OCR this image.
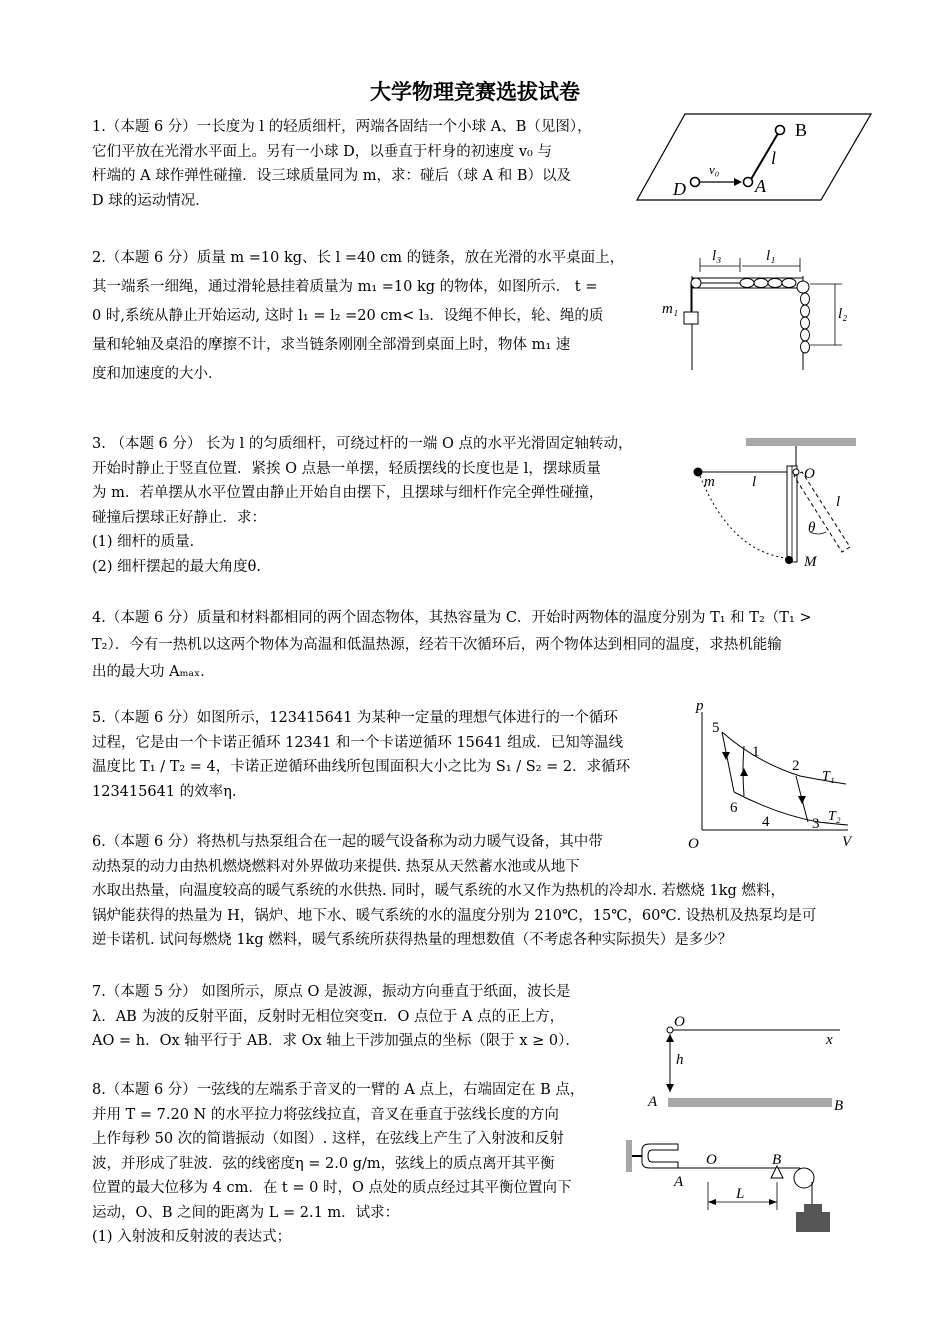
大学物理竞赛选拔试卷
1.（本题 6 分）一长度为 l 的轻质细杆，两端各固结一个小球 A、B（见图），
它们平放在光滑水平面上。另有一小球 D，以垂直于杆身的初速度 v₀ 与
杆端的 A 球作弹性碰撞．设三球质量同为 m，求：碰后（球 A 和 B）以及
D 球的运动情况．
B
l
v₀
D	A
2.（本题 6 分）质量 m =10 kg、长 l =40 cm 的链条，放在光滑的水平桌面上，
其一端系一细绳，通过滑轮悬挂着质量为 m₁ =10 kg 的物体，如图所示． t =
0 时,系统从静止开始运动, 这时 l₁ = l₂ =20 cm< l₃．设绳不伸长，轮、绳的质
量和轮轴及桌沿的摩擦不计，求当链条刚刚全部滑到桌面上时，物体 m₁ 速
度和加速度的大小．
l₃	l₁
m₁	l₂
3. （本题 6 分） 长为 l 的匀质细杆，可绕过杆的一端 O 点的水平光滑固定轴转动，
开始时静止于竖直位置．紧挨 O 点悬一单摆，轻质摆线的长度也是 l，摆球质量
为 m．若单摆从水平位置由静止开始自由摆下，且摆球与细杆作完全弹性碰撞，
碰撞后摆球正好静止．求：
(1) 细杆的质量．
(2) 细杆摆起的最大角度θ.
O
m l
l
θ
M
4.（本题 6 分）质量和材料都相同的两个固态物体，其热容量为 C．开始时两物体的温度分别为 T₁ 和 T₂（T₁ >
T₂）．今有一热机以这两个物体为高温和低温热源，经若干次循环后，两个物体达到相同的温度，求热机能输
出的最大功 Aₘₐₓ．
5.（本题 6 分）如图所示，123415641 为某种一定量的理想气体进行的一个循环
过程，它是由一个卡诺正循环 12341 和一个卡诺逆循环 15641 组成．已知等温线
温度比 T₁ / T₂ = 4，卡诺正逆循环曲线所包围面积大小之比为 S₁ / S₂ = 2．求循环
123415641 的效率η.
p
5
1
2
T₁
6
4	3 T₂
O	V
6.（本题 6 分）将热机与热泵组合在一起的暖气设备称为动力暖气设备，其中带
动热泵的动力由热机燃烧燃料对外界做功来提供. 热泵从天然蓄水池或从地下
水取出热量，向温度较高的暖气系统的水供热. 同时，暖气系统的水又作为热机的冷却水. 若燃烧 1kg 燃料，
锅炉能获得的热量为 H，锅炉、地下水、暖气系统的水的温度分别为 210℃，15℃，60℃. 设热机及热泵均是可
逆卡诺机. 试问每燃烧 1kg 燃料，暖气系统所获得热量的理想数值（不考虑各种实际损失）是多少？
7.（本题 5 分） 如图所示，原点 O 是波源，振动方向垂直于纸面，波长是
λ．AB 为波的反射平面，反射时无相位突变π．O 点位于 A 点的正上方，
AO = h．Ox 轴平行于 AB．求 Ox 轴上干涉加强点的坐标（限于 x ≥ 0）．
O
x
h
A	B
8.（本题 6 分）一弦线的左端系于音叉的一臂的 A 点上，右端固定在 B 点，
并用 T = 7.20 N 的水平拉力将弦线拉直，音叉在垂直于弦线长度的方向
上作每秒 50 次的简谐振动（如图）. 这样，在弦线上产生了入射波和反射
波，并形成了驻波．弦的线密度η = 2.0 g/m，弦线上的质点离开其平衡
位置的最大位移为 4 cm．在 t = 0 时，O 点处的质点经过其平衡位置向下
运动，O、B 之间的距离为 L = 2.1 m．试求：
(1) 入射波和反射波的表达式；
O	B
A
L
